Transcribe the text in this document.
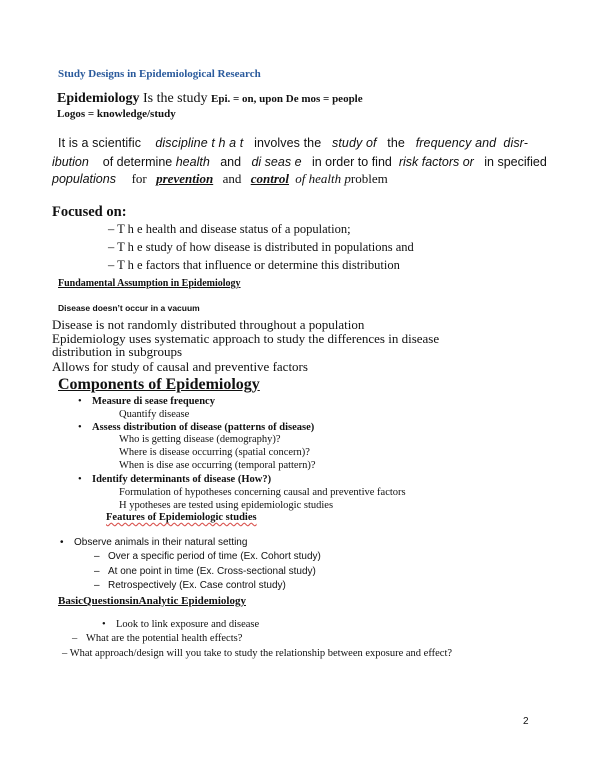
Study Designs in Epidemiological Research
Epidemiology Is the study Epi. = on, upon De mos = people
Logos = knowledge/study
It is a scientific discipline t h a t involves the study of the frequency and disr-
ibution of determine health and di seas e in order to find risk factors or in specified
populations for prevention and control of health problem
Focused on:
– T h e health and disease status of a population;
– T h e study of how disease is distributed in populations and
– T h e factors that influence or determine this distribution
Fundamental Assumption in Epidemiology
Disease doesn’t occur in a vacuum
Disease is not randomly distributed throughout a population
Epidemiology uses systematic approach to study the differences in disease
distribution in subgroups
Allows for study of causal and preventive factors
Components of Epidemiology
• Measure di sease frequency
Quantify disease
• Assess distribution of disease (patterns of disease)
Who is getting disease (demography)?
Where is disease occurring (spatial concern)?
When is dise ase occurring (temporal pattern)?
• Identify determinants of disease (How?)
Formulation of hypotheses concerning causal and preventive factors
H ypotheses are tested using epidemiologic studies
Features of Epidemiologic studies
• Observe animals in their natural setting
– Over a specific period of time (Ex. Cohort study)
– At one point in time (Ex. Cross-sectional study)
– Retrospectively (Ex. Case control study)
BasicQuestionsinAnalytic Epidemiology
• Look to link exposure and disease
– What are the potential health effects?
– What approach/design will you take to study the relationship between exposure and effect?
2
